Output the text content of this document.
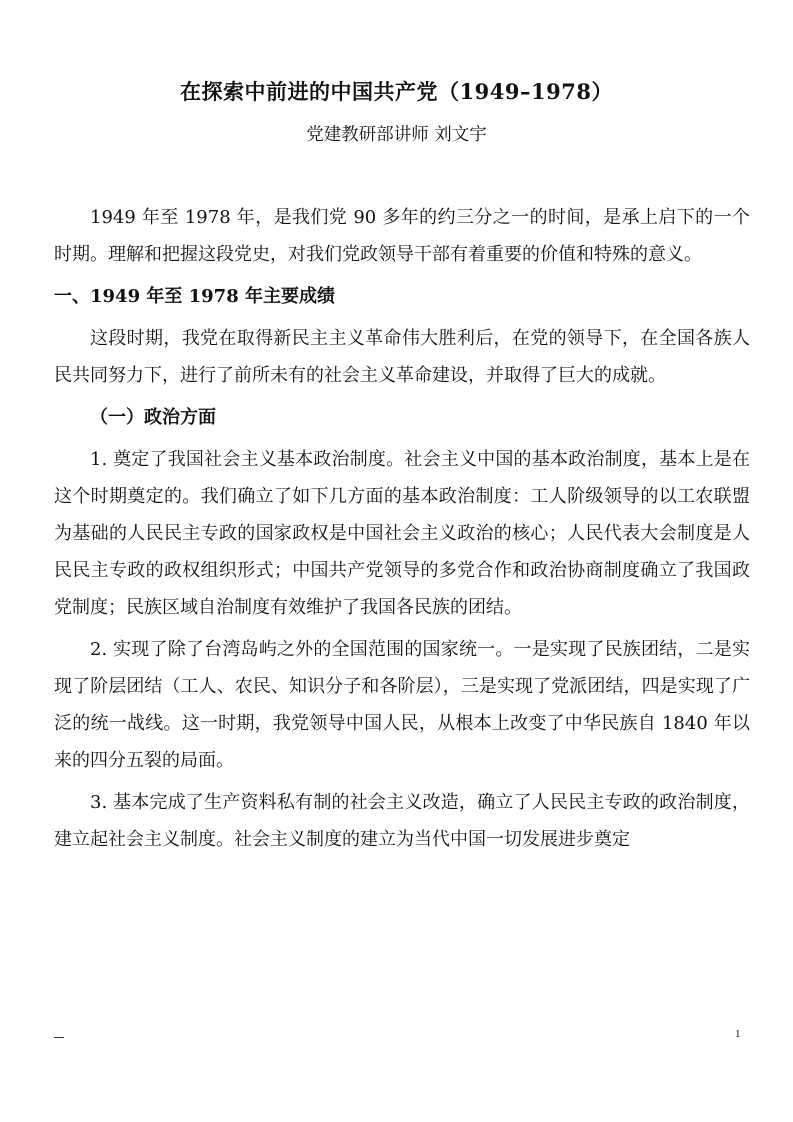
在探索中前进的中国共产党（1949–1978）
党建教研部讲师 刘文宇

1949 年至 1978 年，是我们党 90 多年的约三分之一的时间，是承上启下的一个时期。理解和把握这段党史，对我们党政领导干部有着重要的价值和特殊的意义。

一、1949 年至 1978 年主要成绩

这段时期，我党在取得新民主主义革命伟大胜利后，在党的领导下，在全国各族人民共同努力下，进行了前所未有的社会主义革命建设，并取得了巨大的成就。

（一）政治方面

1. 奠定了我国社会主义基本政治制度。社会主义中国的基本政治制度，基本上是在这个时期奠定的。我们确立了如下几方面的基本政治制度：工人阶级领导的以工农联盟为基础的人民民主专政的国家政权是中国社会主义政治的核心；人民代表大会制度是人民民主专政的政权组织形式；中国共产党领导的多党合作和政治协商制度确立了我国政党制度；民族区域自治制度有效维护了我国各民族的团结。

2. 实现了除了台湾岛屿之外的全国范围的国家统一。一是实现了民族团结，二是实现了阶层团结（工人、农民、知识分子和各阶层），三是实现了党派团结，四是实现了广泛的统一战线。这一时期，我党领导中国人民，从根本上改变了中华民族自 1840 年以来的四分五裂的局面。

3. 基本完成了生产资料私有制的社会主义改造，确立了人民民主专政的政治制度，建立起社会主义制度。社会主义制度的建立为当代中国一切发展进步奠定

1
